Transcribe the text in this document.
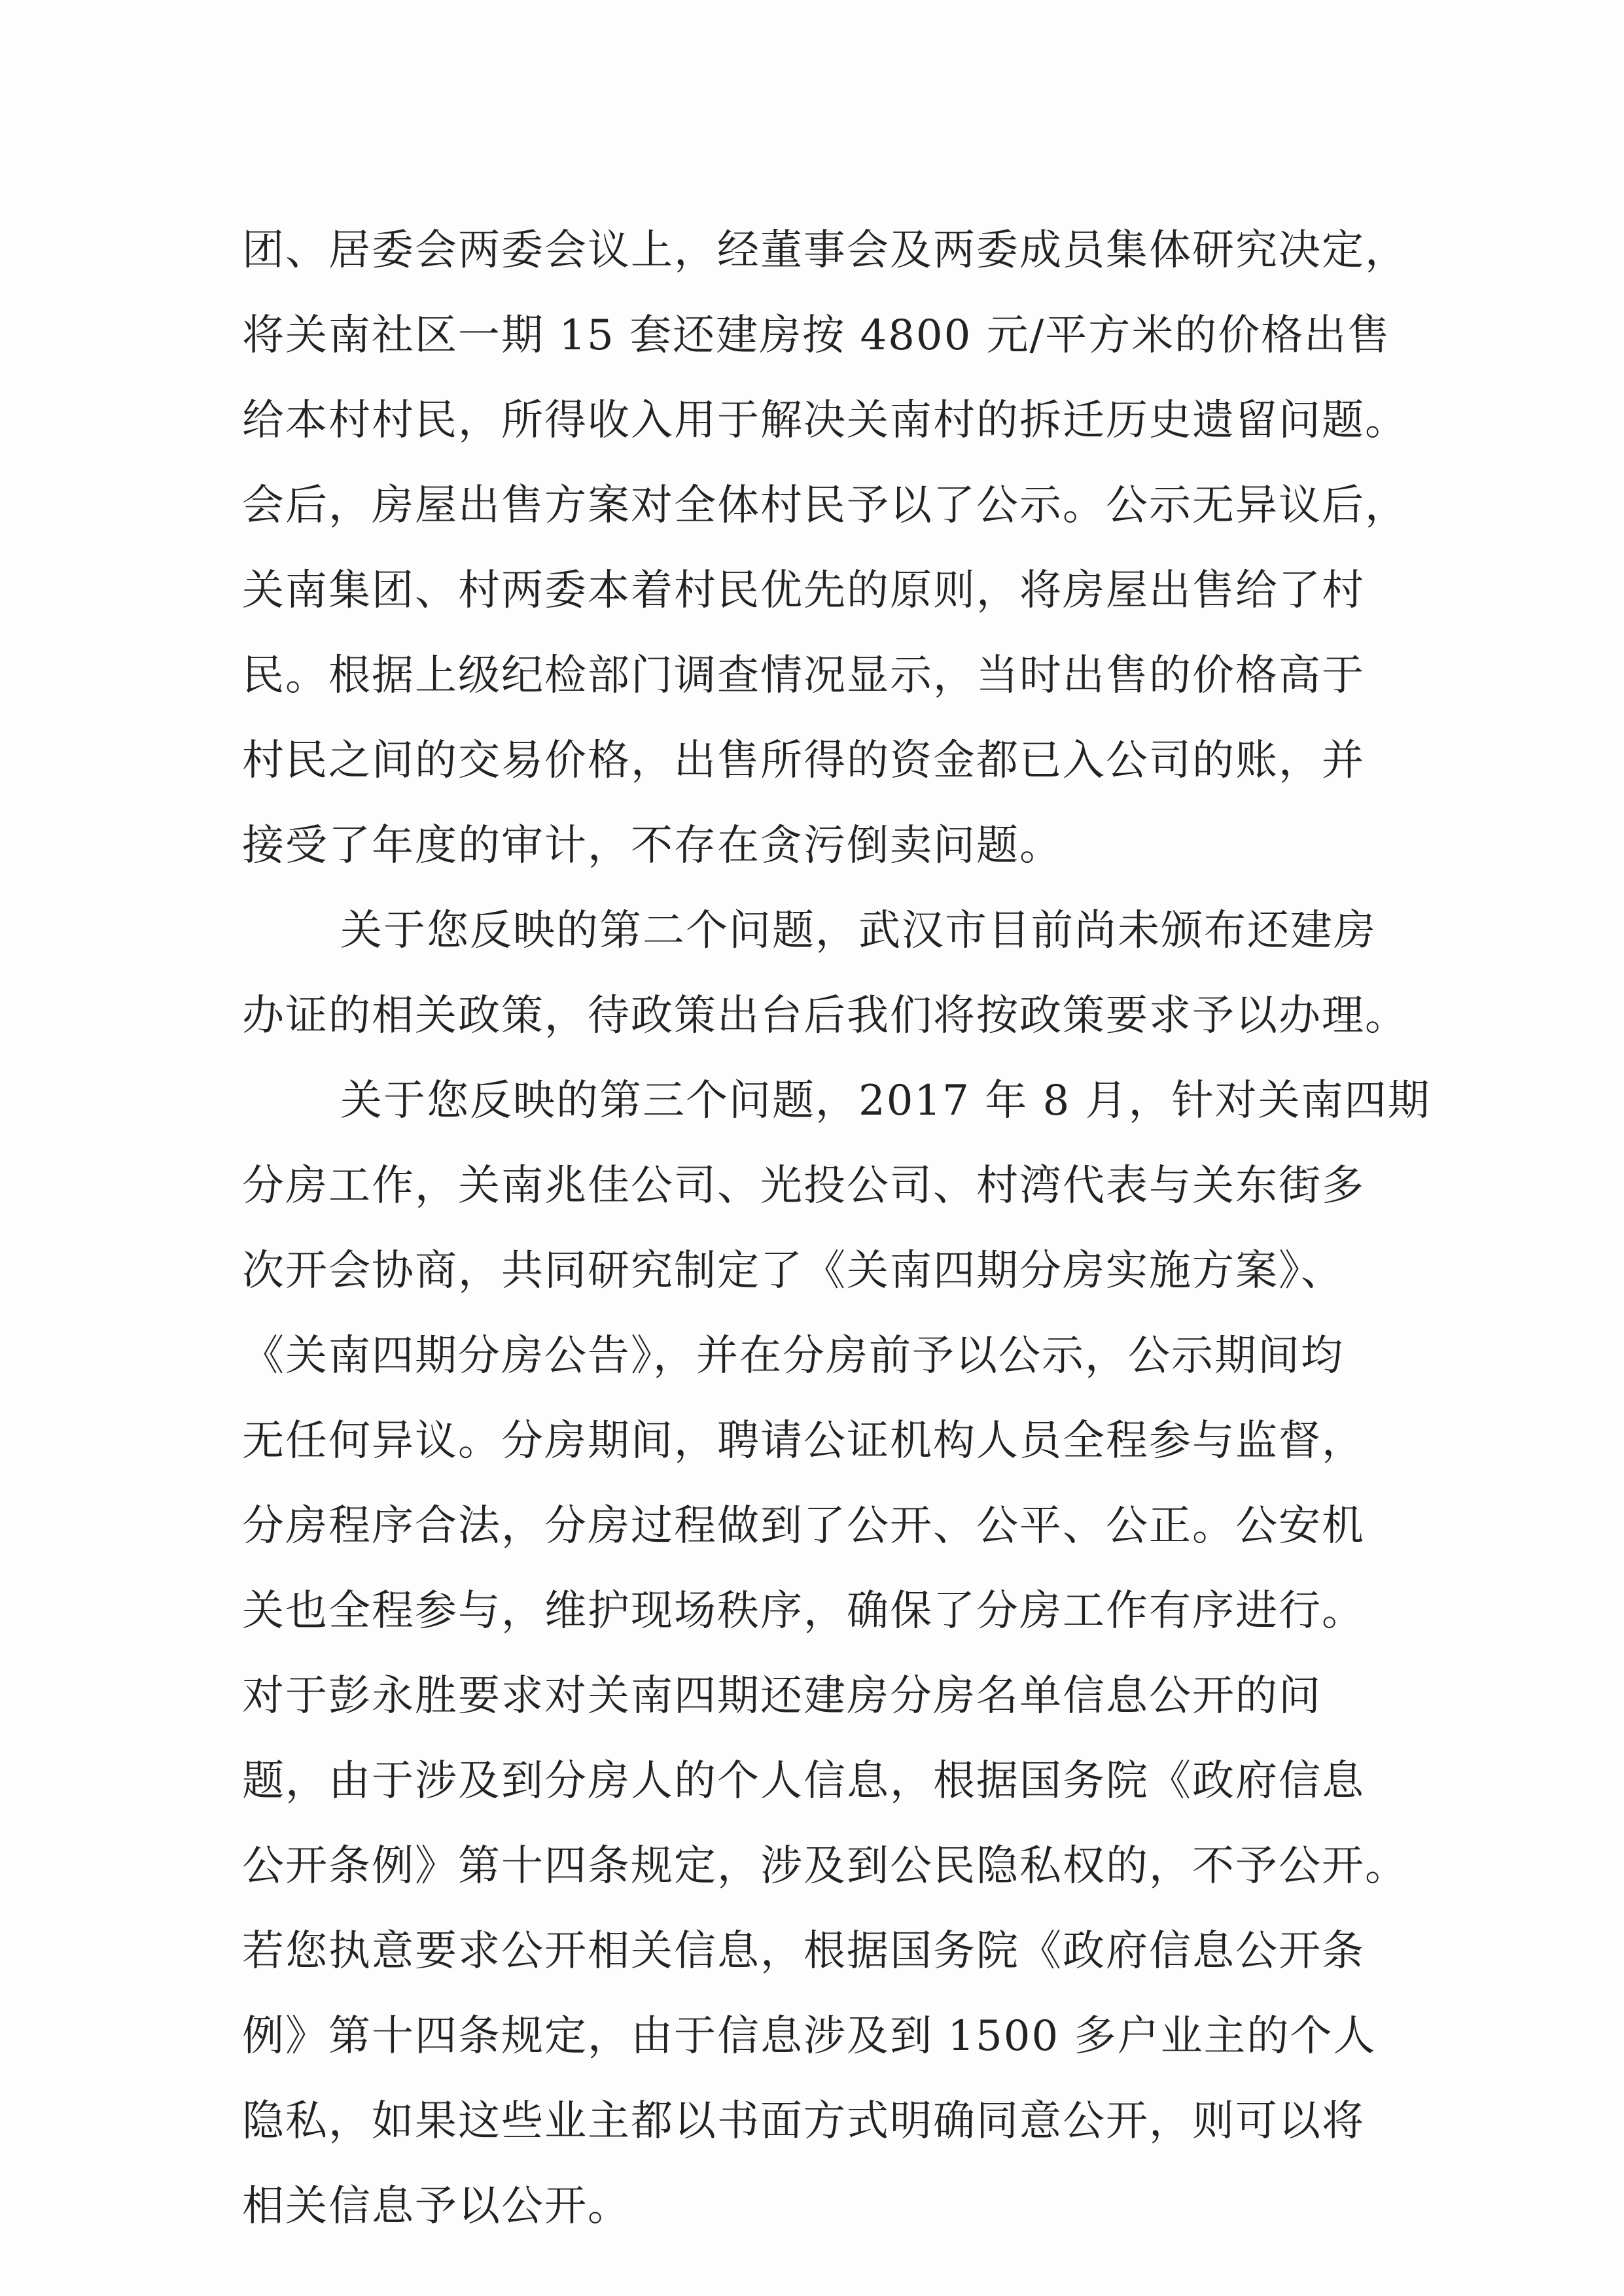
团、居委会两委会议上，经董事会及两委成员集体研究决定，
将关南社区一期 15 套还建房按 4800 元/平方米的价格出售
给本村村民，所得收入用于解决关南村的拆迁历史遗留问题。
会后，房屋出售方案对全体村民予以了公示。公示无异议后，
关南集团、村两委本着村民优先的原则，将房屋出售给了村
民。根据上级纪检部门调查情况显示，当时出售的价格高于
村民之间的交易价格，出售所得的资金都已入公司的账，并
接受了年度的审计，不存在贪污倒卖问题。
关于您反映的第二个问题，武汉市目前尚未颁布还建房
办证的相关政策，待政策出台后我们将按政策要求予以办理。
关于您反映的第三个问题，2017 年 8 月，针对关南四期
分房工作，关南兆佳公司、光投公司、村湾代表与关东街多
次开会协商，共同研究制定了《关南四期分房实施方案》、
《关南四期分房公告》，并在分房前予以公示，公示期间均
无任何异议。分房期间，聘请公证机构人员全程参与监督，
分房程序合法，分房过程做到了公开、公平、公正。公安机
关也全程参与，维护现场秩序，确保了分房工作有序进行。
对于彭永胜要求对关南四期还建房分房名单信息公开的问
题，由于涉及到分房人的个人信息，根据国务院《政府信息
公开条例》第十四条规定，涉及到公民隐私权的，不予公开。
若您执意要求公开相关信息，根据国务院《政府信息公开条
例》第十四条规定，由于信息涉及到 1500 多户业主的个人
隐私，如果这些业主都以书面方式明确同意公开，则可以将
相关信息予以公开。
